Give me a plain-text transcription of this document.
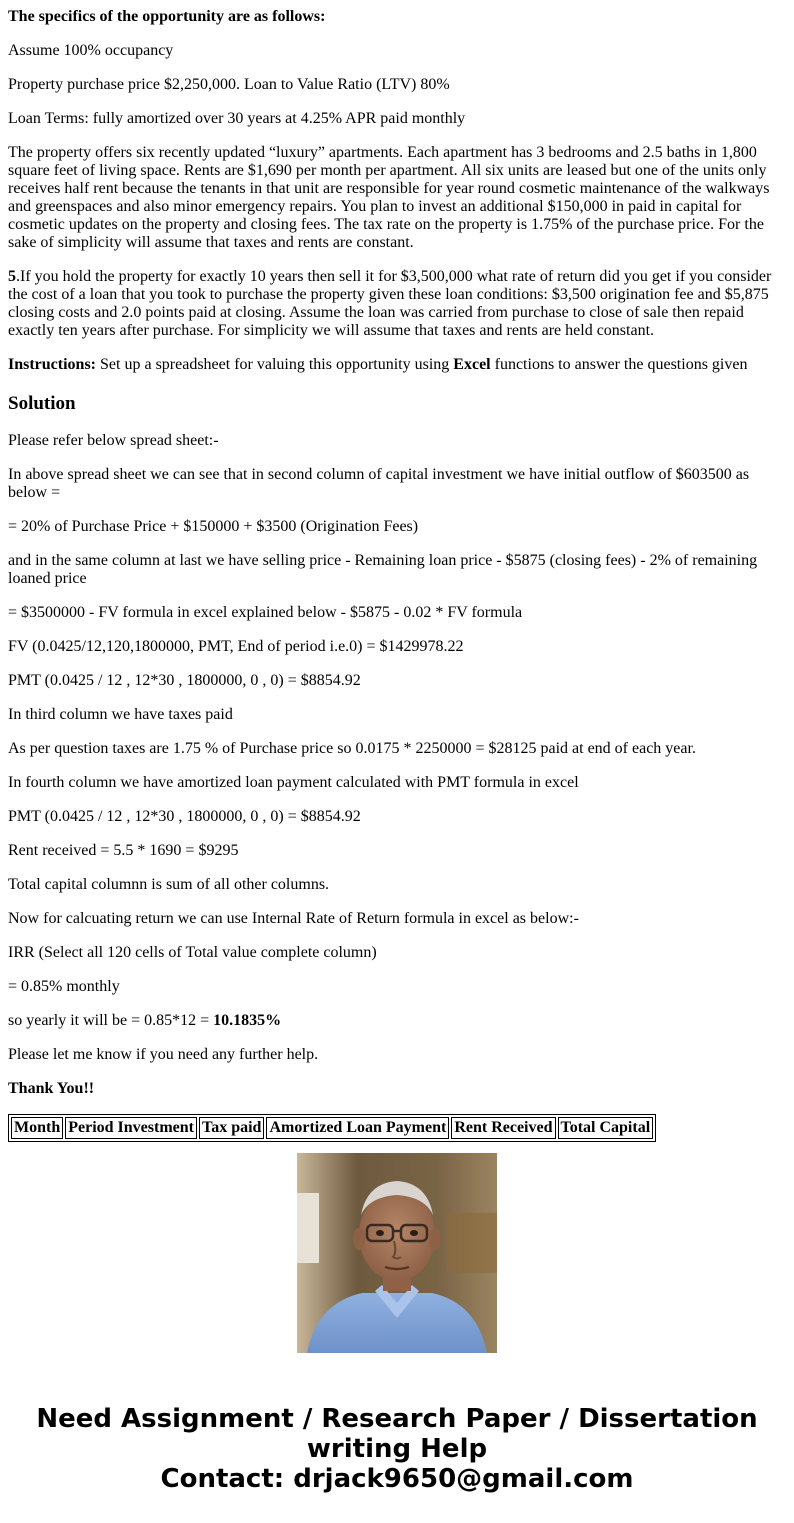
The specifics of the opportunity are as follows:

Assume 100% occupancy

Property purchase price $2,250,000. Loan to Value Ratio (LTV) 80%

Loan Terms: fully amortized over 30 years at 4.25% APR paid monthly

The property offers six recently updated “luxury” apartments. Each apartment has 3 bedrooms and 2.5 baths in 1,800 square feet of living space. Rents are $1,690 per month per apartment. All six units are leased but one of the units only receives half rent because the tenants in that unit are responsible for year round cosmetic maintenance of the walkways and greenspaces and also minor emergency repairs. You plan to invest an additional $150,000 in paid in capital for cosmetic updates on the property and closing fees. The tax rate on the property is 1.75% of the purchase price. For the sake of simplicity will assume that taxes and rents are constant.

5.If you hold the property for exactly 10 years then sell it for $3,500,000 what rate of return did you get if you consider the cost of a loan that you took to purchase the property given these loan conditions: $3,500 origination fee and $5,875 closing costs and 2.0 points paid at closing. Assume the loan was carried from purchase to close of sale then repaid exactly ten years after purchase. For simplicity we will assume that taxes and rents are held constant.

Instructions: Set up a spreadsheet for valuing this opportunity using Excel functions to answer the questions given

Solution

Please refer below spread sheet:-

In above spread sheet we can see that in second column of capital investment we have initial outflow of $603500 as below =

= 20% of Purchase Price + $150000 + $3500 (Origination Fees)

and in the same column at last we have selling price - Remaining loan price - $5875 (closing fees) - 2% of remaining loaned price

= $3500000 - FV formula in excel explained below - $5875 - 0.02 * FV formula

FV (0.0425/12,120,1800000, PMT, End of period i.e.0) = $1429978.22

PMT (0.0425 / 12 , 12*30 , 1800000, 0 , 0) = $8854.92

In third column we have taxes paid

As per question taxes are 1.75 % of Purchase price so 0.0175 * 2250000 = $28125 paid at end of each year.

In fourth column we have amortized loan payment calculated with PMT formula in excel

PMT (0.0425 / 12 , 12*30 , 1800000, 0 , 0) = $8854.92

Rent received = 5.5 * 1690 = $9295

Total capital columnn is sum of all other columns.

Now for calcuating return we can use Internal Rate of Return formula in excel as below:-

IRR (Select all 120 cells of Total value complete column)

= 0.85% monthly

so yearly it will be = 0.85*12 = 10.1835%

Please let me know if you need any further help.

Thank You!!

Month	Period Investment	Tax paid	Amortized Loan Payment	Rent Received	Total Capital
Need Assignment / Research Paper / Dissertation
writing Help
Contact: drjack9650@gmail.com
